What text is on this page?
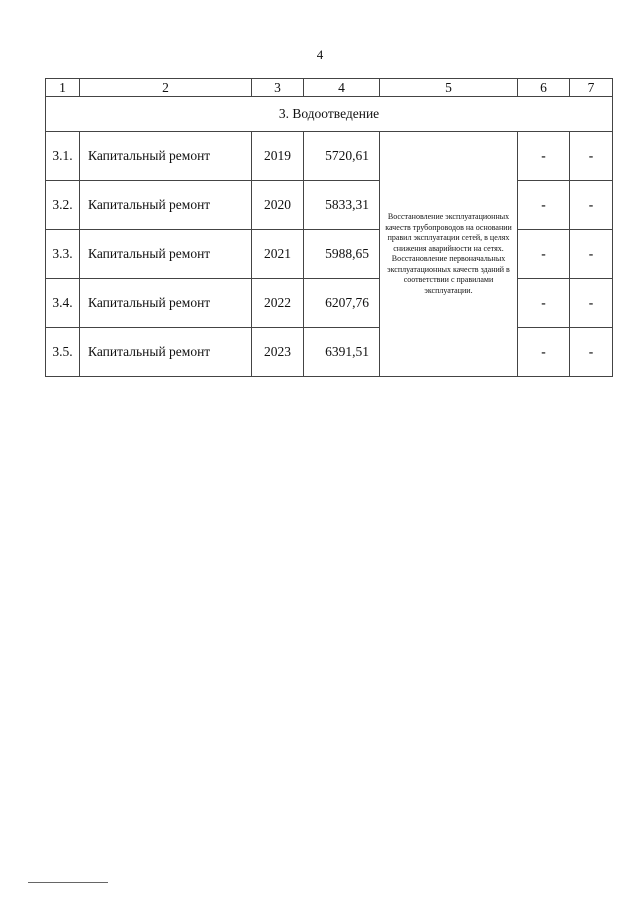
4
1	2	3	4	5	6	7
3. Водоотведение						
3.1.	Капитальный ремонт	2019	5720,61	Восстановление эксплуатационных качеств трубопроводов на основании правил эксплуатации сетей, в целях снижения аварийности на сетях. Восстановление первоначальных эксплуатационных качеств зданий в соответствии с правилами эксплуатации.	-	-
3.2.	Капитальный ремонт	2020	5833,31		-	-
3.3.	Капитальный ремонт	2021	5988,65		-	-
3.4.	Капитальный ремонт	2022	6207,76		-	-
3.5.	Капитальный ремонт	2023	6391,51		-	-
